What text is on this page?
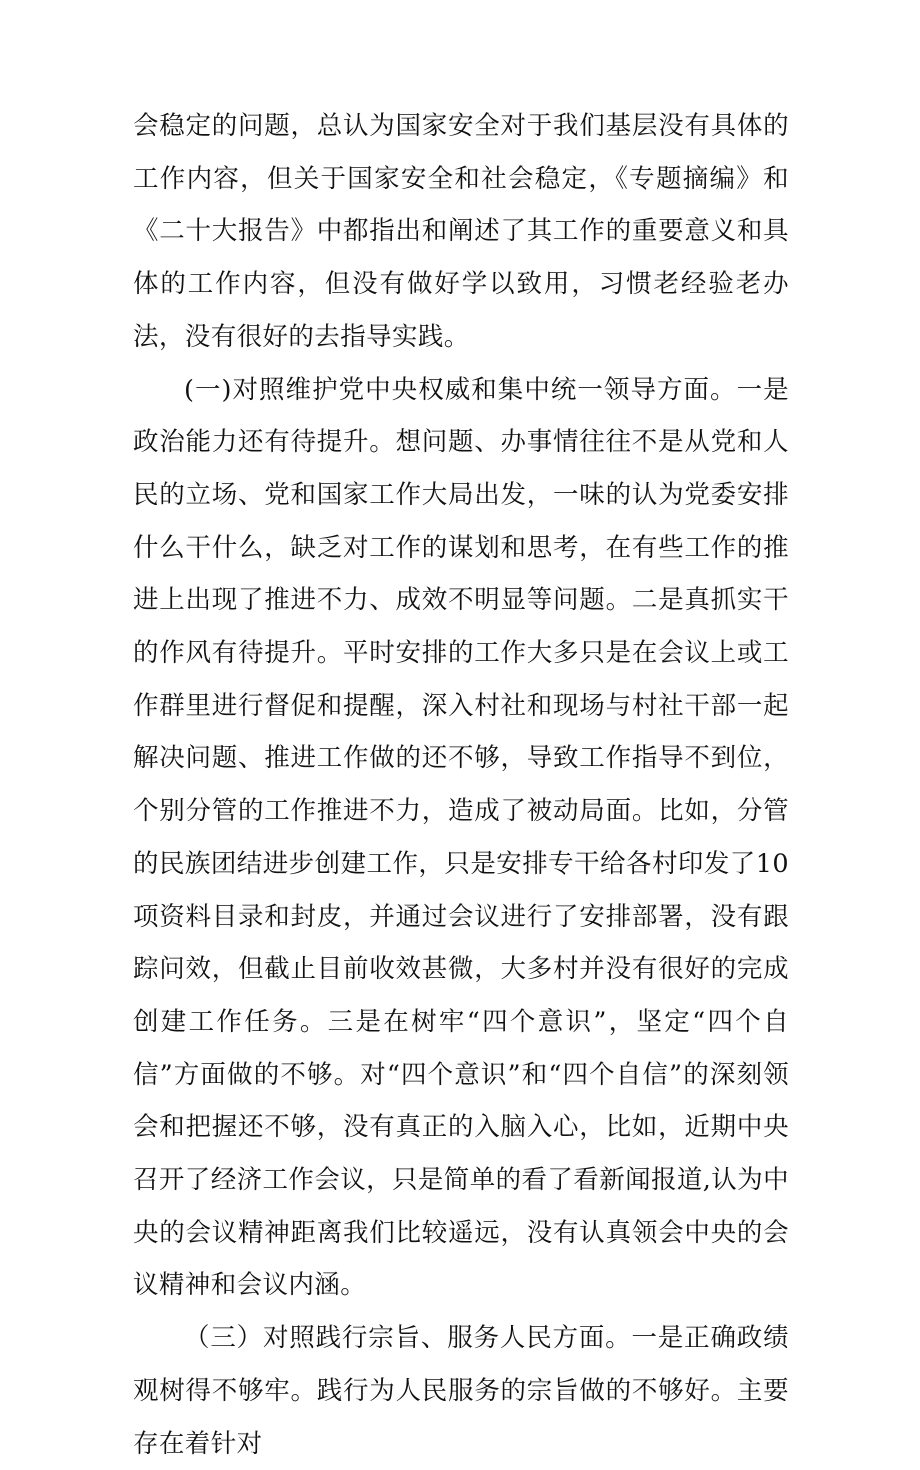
会稳定的问题，总认为国家安全对于我们基层没有具体的工作内容，但关于国家安全和社会稳定，《专题摘编》和《二十大报告》中都指出和阐述了其工作的重要意义和具体的工作内容，但没有做好学以致用，习惯老经验老办法，没有很好的去指导实践。

(一)对照维护党中央权威和集中统一领导方面。一是政治能力还有待提升。想问题、办事情往往不是从党和人民的立场、党和国家工作大局出发，一味的认为党委安排什么干什么，缺乏对工作的谋划和思考，在有些工作的推进上出现了推进不力、成效不明显等问题。二是真抓实干的作风有待提升。平时安排的工作大多只是在会议上或工作群里进行督促和提醒，深入村社和现场与村社干部一起解决问题、推进工作做的还不够，导致工作指导不到位，个别分管的工作推进不力，造成了被动局面。比如，分管的民族团结进步创建工作，只是安排专干给各村印发了10项资料目录和封皮，并通过会议进行了安排部署，没有跟踪问效，但截止目前收效甚微，大多村并没有很好的完成创建工作任务。三是在树牢“四个意识”，坚定“四个自信”方面做的不够。对“四个意识”和“四个自信”的深刻领会和把握还不够，没有真正的入脑入心，比如，近期中央召开了经济工作会议，只是简单的看了看新闻报道,认为中央的会议精神距离我们比较遥远，没有认真领会中央的会议精神和会议内涵。

（三）对照践行宗旨、服务人民方面。一是正确政绩观树得不够牢。践行为人民服务的宗旨做的不够好。主要存在着针对
